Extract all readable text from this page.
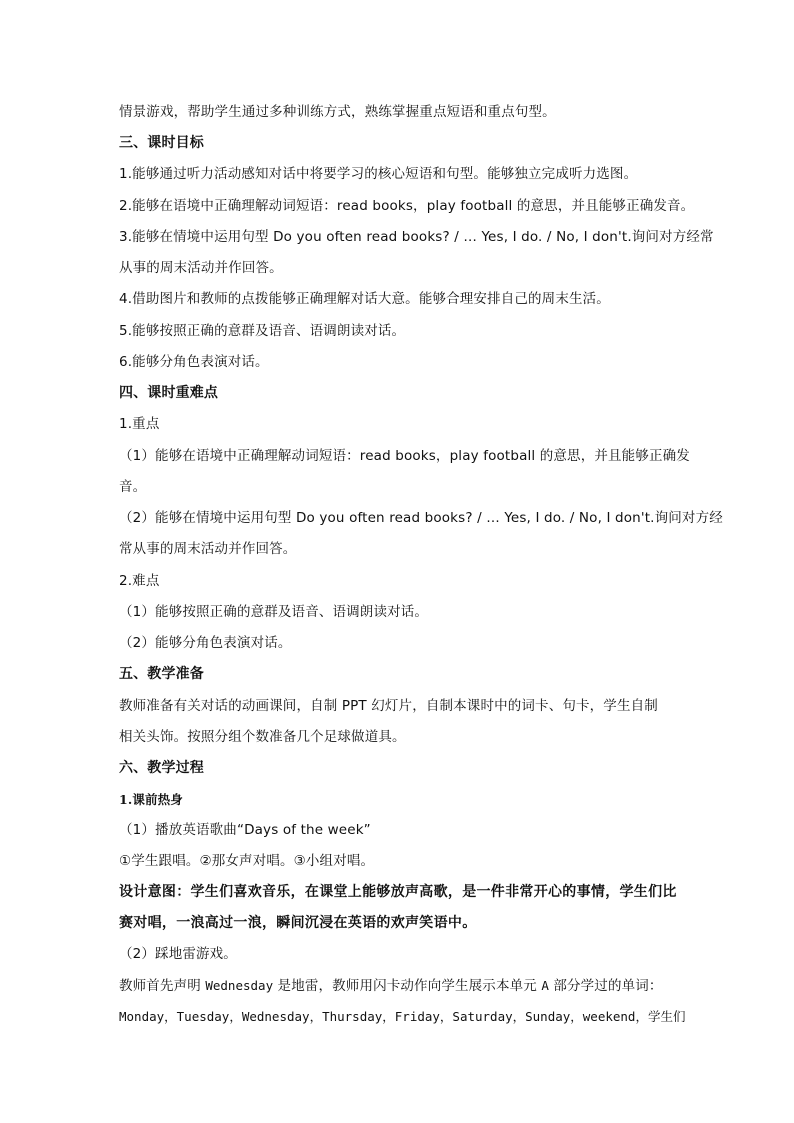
情景游戏，帮助学生通过多种训练方式，熟练掌握重点短语和重点句型。
三、课时目标
1.能够通过听力活动感知对话中将要学习的核心短语和句型。能够独立完成听力选图。
2.能够在语境中正确理解动词短语：read books，play football 的意思，并且能够正确发音。
3.能够在情境中运用句型 Do you often read books? / … Yes, I do. / No, I don't.询问对方经常
从事的周末活动并作回答。
4.借助图片和教师的点拨能够正确理解对话大意。能够合理安排自己的周末生活。
5.能够按照正确的意群及语音、语调朗读对话。
6.能够分角色表演对话。
四、课时重难点
1.重点
（1）能够在语境中正确理解动词短语：read books，play football 的意思，并且能够正确发
音。
（2）能够在情境中运用句型 Do you often read books? / … Yes, I do. / No, I don't.询问对方经
常从事的周末活动并作回答。
2.难点
（1）能够按照正确的意群及语音、语调朗读对话。
（2）能够分角色表演对话。
五、教学准备
教师准备有关对话的动画课间，自制 PPT 幻灯片，自制本课时中的词卡、句卡，学生自制
相关头饰。按照分组个数准备几个足球做道具。
六、教学过程
1.课前热身
（1）播放英语歌曲“Days of the week”
①学生跟唱。②那女声对唱。③小组对唱。
设计意图：学生们喜欢音乐，在课堂上能够放声高歌，是一件非常开心的事情，学生们比
赛对唱，一浪高过一浪，瞬间沉浸在英语的欢声笑语中。
（2）踩地雷游戏。
教师首先声明 Wednesday 是地雷，教师用闪卡动作向学生展示本单元 A 部分学过的单词：
Monday，Tuesday，Wednesday，Thursday，Friday，Saturday，Sunday，weekend，学生们
